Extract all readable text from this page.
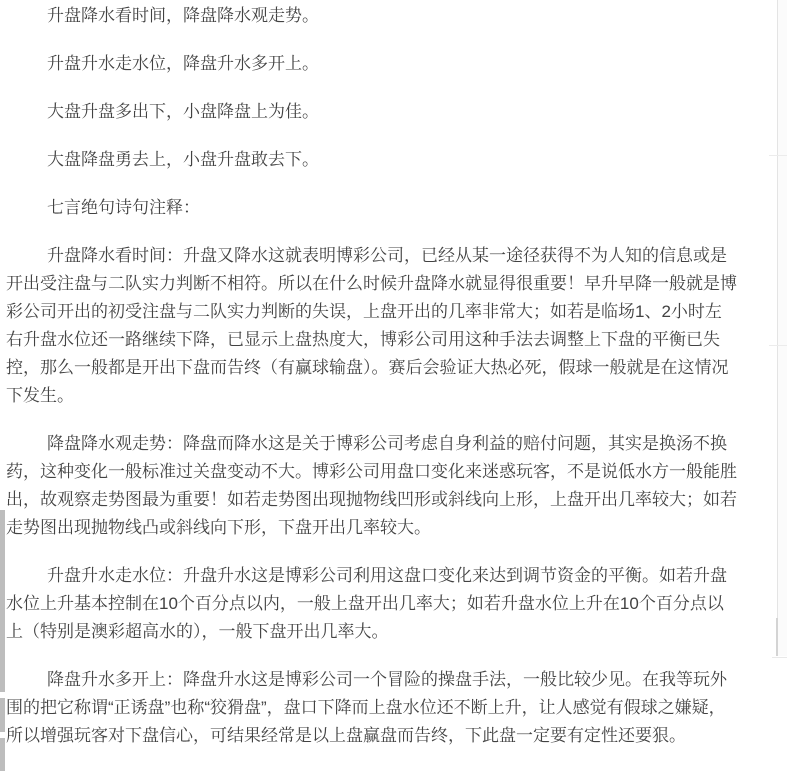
升盘降水看时间，降盘降水观走势。

升盘升水走水位，降盘升水多开上。

大盘升盘多出下，小盘降盘上为佳。

大盘降盘勇去上，小盘升盘敢去下。

七言绝句诗句注释：

升盘降水看时间：升盘又降水这就表明博彩公司，已经从某一途径获得不为人知的信息或是开出受注盘与二队实力判断不相符。所以在什么时候升盘降水就显得很重要！早升早降一般就是博彩公司开出的初受注盘与二队实力判断的失误，上盘开出的几率非常大；如若是临场1、2小时左右升盘水位还一路继续下降，已显示上盘热度大，博彩公司用这种手法去调整上下盘的平衡已失控，那么一般都是开出下盘而告终（有赢球输盘）。赛后会验证大热必死，假球一般就是在这情况下发生。

降盘降水观走势：降盘而降水这是关于博彩公司考虑自身利益的赔付问题，其实是换汤不换药，这种变化一般标准过关盘变动不大。博彩公司用盘口变化来迷惑玩客，不是说低水方一般能胜出，故观察走势图最为重要！如若走势图出现抛物线凹形或斜线向上形，上盘开出几率较大；如若走势图出现抛物线凸或斜线向下形，下盘开出几率较大。

升盘升水走水位：升盘升水这是博彩公司利用这盘口变化来达到调节资金的平衡。如若升盘水位上升基本控制在10个百分点以内，一般上盘开出几率大；如若升盘水位上升在10个百分点以上（特别是澳彩超高水的），一般下盘开出几率大。

降盘升水多开上：降盘升水这是博彩公司一个冒险的操盘手法，一般比较少见。在我等玩外围的把它称谓“正诱盘”也称“狡猾盘”，盘口下降而上盘水位还不断上升，让人感觉有假球之嫌疑，所以增强玩客对下盘信心，可结果经常是以上盘赢盘而告终，下此盘一定要有定性还要狠。
